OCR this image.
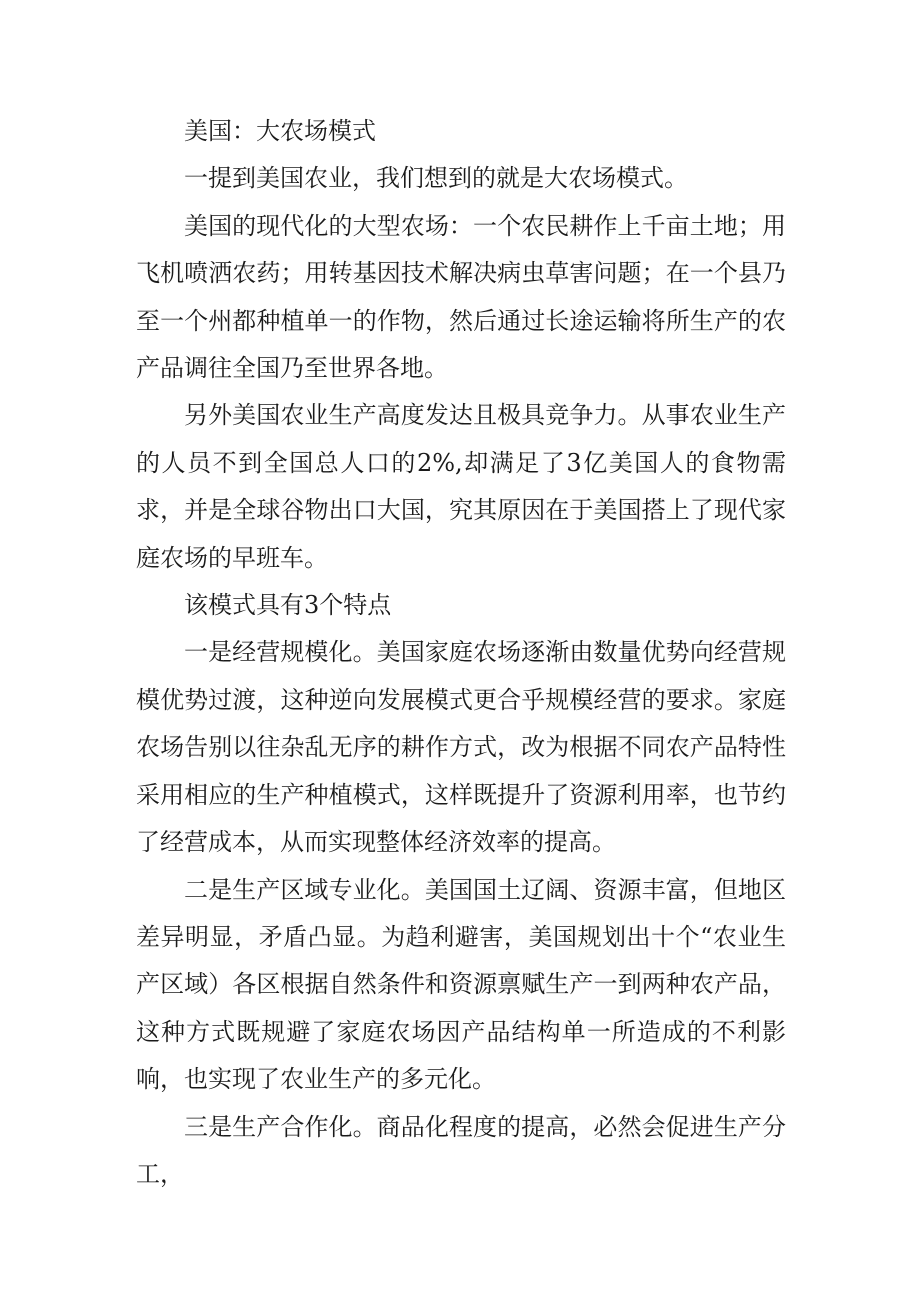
美国：大农场模式

一提到美国农业，我们想到的就是大农场模式。

美国的现代化的大型农场：一个农民耕作上千亩土地；用飞机喷洒农药；用转基因技术解决病虫草害问题；在一个县乃至一个州都种植单一的作物，然后通过长途运输将所生产的农产品调往全国乃至世界各地。

另外美国农业生产高度发达且极具竞争力。从事农业生产的人员不到全国总人口的2%,却满足了3亿美国人的食物需求，并是全球谷物出口大国，究其原因在于美国搭上了现代家庭农场的早班车。

该模式具有3个特点

一是经营规模化。美国家庭农场逐渐由数量优势向经营规模优势过渡，这种逆向发展模式更合乎规模经营的要求。家庭农场告别以往杂乱无序的耕作方式，改为根据不同农产品特性采用相应的生产种植模式，这样既提升了资源利用率，也节约了经营成本，从而实现整体经济效率的提高。

二是生产区域专业化。美国国土辽阔、资源丰富，但地区差异明显，矛盾凸显。为趋利避害，美国规划出十个“农业生产区域）各区根据自然条件和资源禀赋生产一到两种农产品，这种方式既规避了家庭农场因产品结构单一所造成的不利影响，也实现了农业生产的多元化。

三是生产合作化。商品化程度的提高，必然会促进生产分工，
